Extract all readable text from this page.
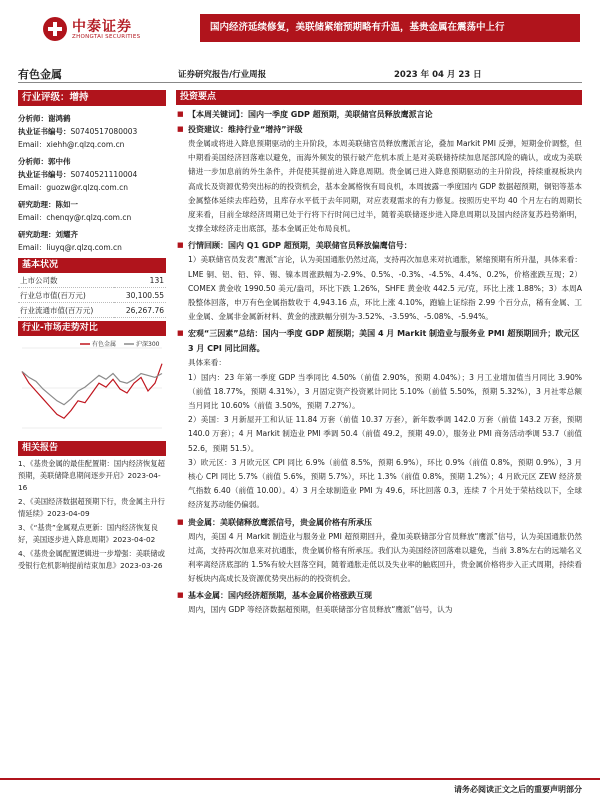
中泰证券
ZHONGTAI SECURITIES
国内经济延续修复，美联储紧缩预期略有升温，基贵金属在震荡中上行
有色金属	证券研究报告/行业周报	2023 年 04 月 23 日
行业评级：增持
分析师：谢鸿鹤
执业证书编号：S0740517080003
Email：xiehh@r.qlzq.com.cn
分析师：郭中伟
执业证书编号：S0740521110004
Email：guozw@r.qlzq.com.cn
研究助理：陈如一
Email：chenqy@r.qlzq.com.cn
研究助理：刘耀齐
Email：liuyq@r.qlzq.com.cn
基本状况
上市公司数	131
行业总市值(百万元)	30,100.55
行业流通市值(百万元)	26,267.76
行业-市场走势对比
有色金属	沪深300
相关报告
1、《基贵金属的最佳配置期：国内经济恢复超预期，美联储降息期间逐步开启》2023-04-16
2、《美国经济数据超预期下行，贵金属主升行情延续》2023-04-09
3、《“基贵”金属观点更新：国内经济恢复良好，美国逐步进入降息周期》2023-04-02
4、《基贵金属配置逻辑进一步增强：美联储或受银行危机影响提前结束加息》2023-03-26
投资要点
■ 【本周关键词】：国内一季度 GDP 超预期，美联储官员释放鹰派言论
■ 投资建议：维持行业“增持”评级
贵金属或将进入降息预期驱动的主升阶段，本周美联储官员释放鹰派言论，叠加 Markit PMI 反弹，短期金价调整，但中期看美国经济回落难以避免，而海外频发的银行破产危机本质上是对美联储持续加息尾部风险的确认，或成为美联储进一步加息前的外生条件，并促使其提前进入降息周期。贵金属已进入降息预期驱动的主升阶段，持续重视板块内高成长及资源优势突出标的的投资机会，基本金属格恢有局良机，本周披露一季度国内 GDP 数据超预期，铜铝等基本金属整体延续去库趋势，且库存水平低于去年同期，对应表观需求的有力修复。按照历史平均 40 个月左右的周期长度来看，目前全球经济周期已处于行将下行时间已过半，随着美联储逐步进入降息周期以及国内经济复苏趋势渐明，支撑全球经济走出底部，基本金属正处布局良机。
■ 行情回顾：国内 Q1 GDP 超预期，美联储官员释放偏鹰信号：
1）美联储官员发表“鹰派”言论，认为美国通胀仍然过高，支持再次加息来对抗通胀，紧缩预期有所升温，具体来看：LME 铜、铝、铅、锌、锡、镍本周涨跌幅为-2.9%、0.5%、-0.3%、-4.5%、4.4%、0.2%，价格涨跌互现；2）COMEX 黄金收 1990.50 美元/盎司，环比下跌 1.26%，SHFE 黄金收 442.5 元/克，环比上涨 1.88%；3）本周A股整体回落，申万有色金属指数收于 4,943.16 点，环比上涨 4.10%，跑输上证综指 2.99 个百分点，稀有金属、工业金属、金属非金属新材料、黄金的涨跌幅分别为-3.52%、-3.59%、-5.08%、-5.94%。
■ 宏观“三因素”总结：国内一季度 GDP 超预期；美国 4 月 Markit 制造业与服务业 PMI 超预期回升；欧元区 3 月 CPI 同比回落。
具体来看：
1）国内：23 年第一季度 GDP 当季同比 4.50%（前值 2.90%，预期 4.04%）；3 月工业增加值当月同比 3.90%（前值 18.77%，预期 4.31%），3 月固定资产投资累计同比 5.10%（前值 5.50%，预期 5.32%），3 月社零总额当月同比 10.60%（前值 3.50%，预期 7.27%）。
2）美国：3 月新屋开工和认证 11.84 万套（前值 10.37 万套），新年数季调 142.0 万套（前值 143.2 万套，预期 140.0 万套）；4 月 Markit 制造业 PMI 季调 50.4（前值 49.2，预期 49.0），服务业 PMI 商务活动季调 53.7（前值 52.6，预期 51.5）。
3）欧元区：3 月欧元区 CPI 同比 6.9%（前值 8.5%，预期 6.9%），环比 0.9%（前值 0.8%，预期 0.9%），3 月核心 CPI 同比 5.7%（前值 5.6%，预期 5.7%），环比 1.3%（前值 0.8%，预期 1.2%）；4 月欧元区 ZEW 经济景气指数 6.40（前值 10.00）。4）3 月全球制造业 PMI 为 49.6，环比回落 0.3，连续 7 个月处于荣枯线以下，全球经济复苏动能仍偏弱。
■ 贵金属：美联储释放鹰派信号，贵金属价格有所承压
周内，美国 4 月 Markit 制造业与服务业 PMI 超预期回升，叠加美联储部分官员释放“鹰派”信号，认为美国通胀仍然过高，支持再次加息来对抗通胀，贵金属价格有所承压。我们认为美国经济回落难以避免，当前 3.8%左右的远端名义利率离经济底部的 1.5%有较大回落空间，随着通胀走低以及失业率的触底回升，贵金属价格将步入正式周期，持续看好板块内高成长及资源优势突出标的的投资机会。
■ 基本金属：国内经济超预期，基本金属价格涨跌互现
周内，国内 GDP 等经济数据超预期，但美联储部分官员释放“鹰派”信号，认为
请务必阅读正文之后的重要声明部分
